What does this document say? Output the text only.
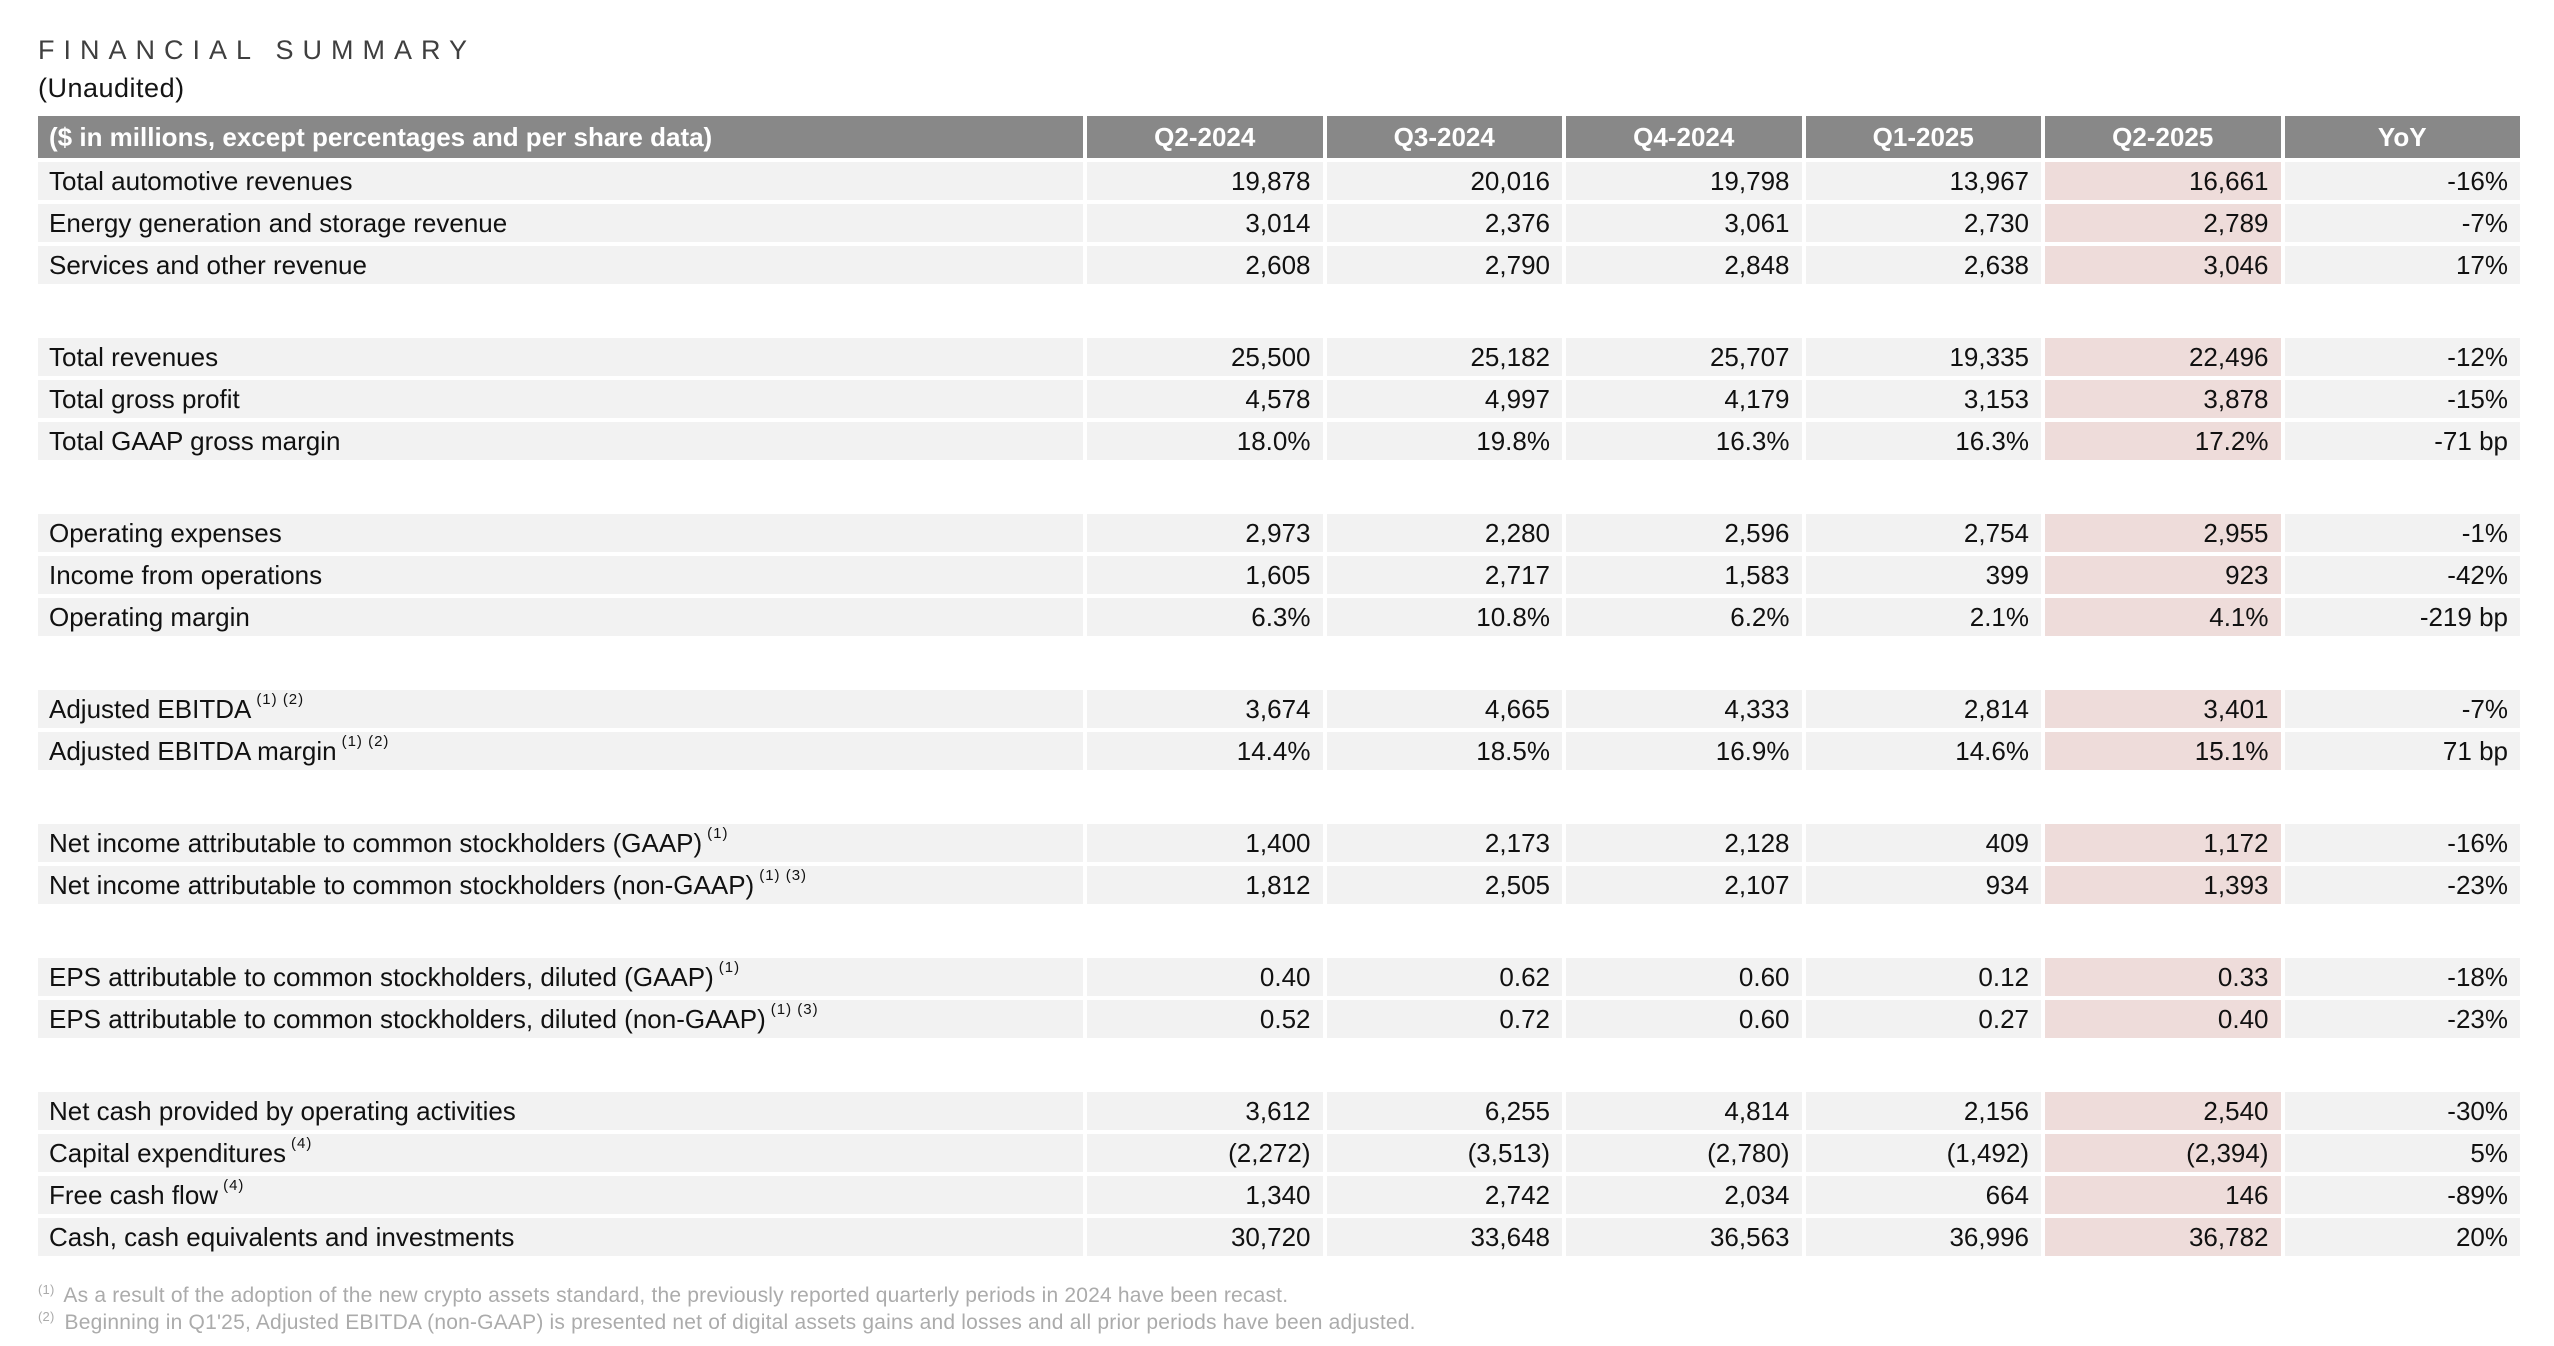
FINANCIAL SUMMARY
(Unaudited)
($ in millions, except percentages and per share data)	Q2-2024	Q3-2024	Q4-2024	Q1-2025	Q2-2025	YoY
Total automotive revenues	19,878	20,016	19,798	13,967	16,661	-16%
Energy generation and storage revenue	3,014	2,376	3,061	2,730	2,789	-7%
Services and other revenue	2,608	2,790	2,848	2,638	3,046	17%
Total revenues	25,500	25,182	25,707	19,335	22,496	-12%
Total gross profit	4,578	4,997	4,179	3,153	3,878	-15%
Total GAAP gross margin	18.0%	19.8%	16.3%	16.3%	17.2%	-71 bp
Operating expenses	2,973	2,280	2,596	2,754	2,955	-1%
Income from operations	1,605	2,717	1,583	399	923	-42%
Operating margin	6.3%	10.8%	6.2%	2.1%	4.1%	-219 bp
Adjusted EBITDA $^{(1) (2)}$	3,674	4,665	4,333	2,814	3,401	-7%
Adjusted EBITDA margin $^{(1) (2)}$	14.4%	18.5%	16.9%	14.6%	15.1%	71 bp
Net income attributable to common stockholders (GAAP) $^{(1)}$	1,400	2,173	2,128	409	1,172	-16%
Net income attributable to common stockholders (non-GAAP) $^{(1) (3)}$	1,812	2,505	2,107	934	1,393	-23%
EPS attributable to common stockholders, diluted (GAAP) $^{(1)}$	0.40	0.62	0.60	0.12	0.33	-18%
EPS attributable to common stockholders, diluted (non-GAAP) $^{(1) (3)}$	0.52	0.72	0.60	0.27	0.40	-23%
Net cash provided by operating activities	3,612	6,255	4,814	2,156	2,540	-30%
Capital expenditures $^{(4)}$	(2,272)	(3,513)	(2,780)	(1,492)	(2,394)	5%
Free cash flow $^{(4)}$	1,340	2,742	2,034	664	146	-89%
Cash, cash equivalents and investments	30,720	33,648	36,563	36,996	36,782	20%
$^{(1)}$ As a result of the adoption of the new crypto assets standard, the previously reported quarterly periods in 2024 have been recast.
$^{(2)}$ Beginning in Q1'25, Adjusted EBITDA (non-GAAP) is presented net of digital assets gains and losses and all prior periods have been adjusted.
